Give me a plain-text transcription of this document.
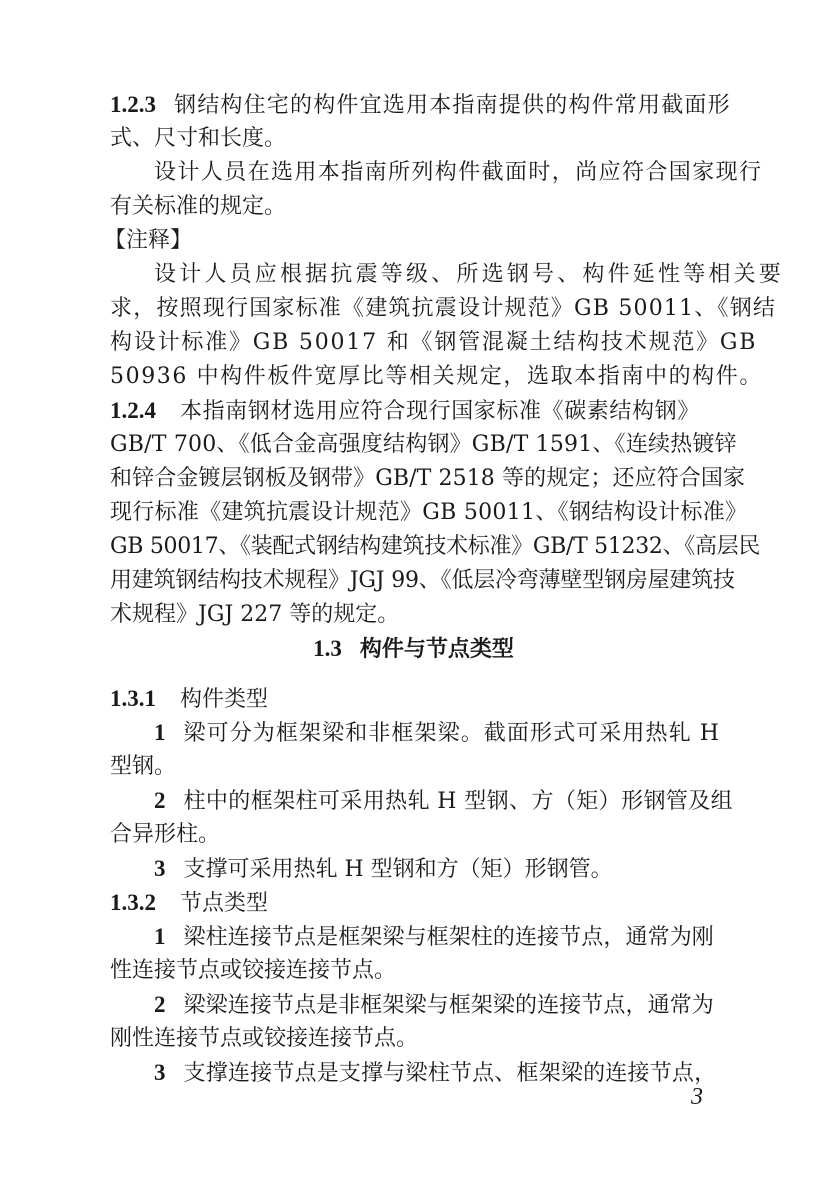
1.2.3 钢结构住宅的构件宜选用本指南提供的构件常用截面形
式、尺寸和长度。
设计人员在选用本指南所列构件截面时，尚应符合国家现行
有关标准的规定。
【注释】
设计人员应根据抗震等级、所选钢号、构件延性等相关要
求，按照现行国家标准《建筑抗震设计规范》GB 50011、《钢结
构设计标准》GB 50017 和《钢管混凝土结构技术规范》GB
50936 中构件板件宽厚比等相关规定，选取本指南中的构件。
1.2.4 本指南钢材选用应符合现行国家标准《碳素结构钢》
GB/T 700、《低合金高强度结构钢》GB/T 1591、《连续热镀锌
和锌合金镀层钢板及钢带》GB/T 2518 等的规定；还应符合国家
现行标准《建筑抗震设计规范》GB 50011、《钢结构设计标准》
GB 50017、《装配式钢结构建筑技术标准》GB/T 51232、《高层民
用建筑钢结构技术规程》JGJ 99、《低层冷弯薄壁型钢房屋建筑技
术规程》JGJ 227 等的规定。
1.3 构件与节点类型
1.3.1 构件类型
1 梁可分为框架梁和非框架梁。截面形式可采用热轧 H
型钢。
2 柱中的框架柱可采用热轧 H 型钢、方（矩）形钢管及组
合异形柱。
3 支撑可采用热轧 H 型钢和方（矩）形钢管。
1.3.2 节点类型
1 梁柱连接节点是框架梁与框架柱的连接节点，通常为刚
性连接节点或铰接连接节点。
2 梁梁连接节点是非框架梁与框架梁的连接节点，通常为
刚性连接节点或铰接连接节点。
3 支撑连接节点是支撑与梁柱节点、框架梁的连接节点，
3
